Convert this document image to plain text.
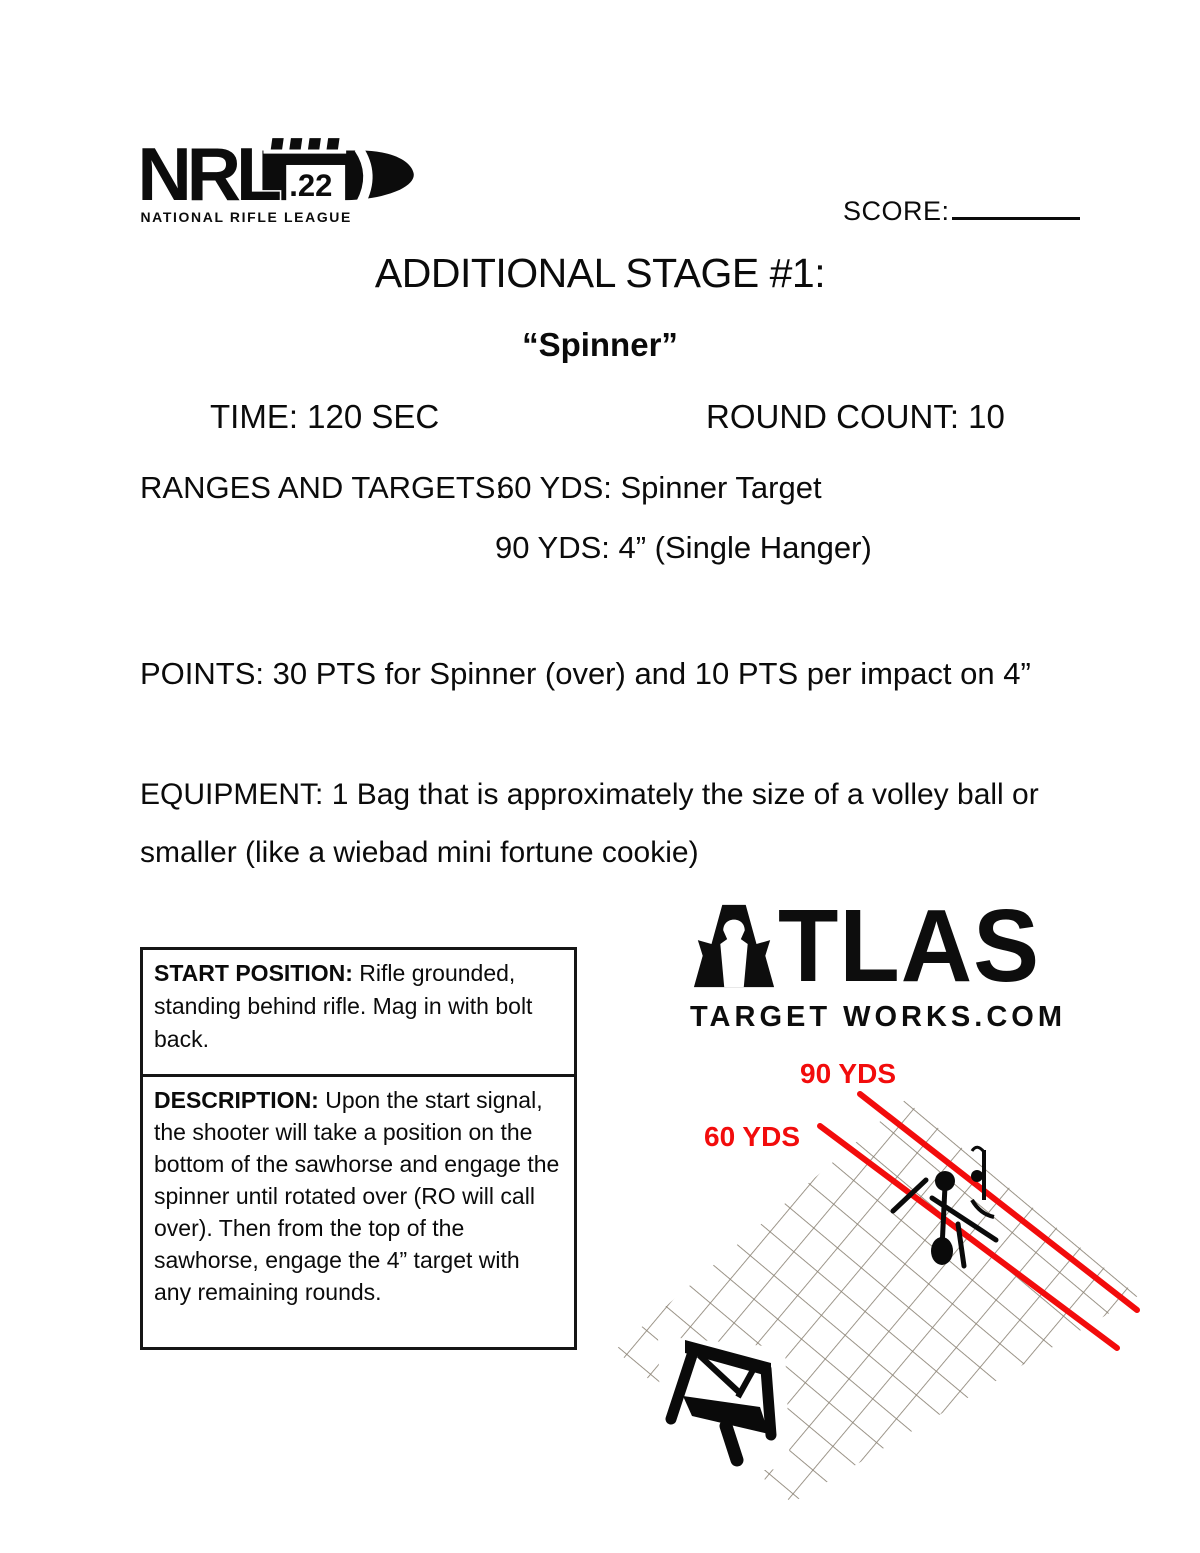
NRL .22
NATIONAL RIFLE LEAGUE	SCORE:
ADDITIONAL STAGE #1:
“Spinner”
TIME: 120 SEC	ROUND COUNT: 10
RANGES AND TARGETS:
60 YDS: Spinner Target
90 YDS: 4” (Single Hanger)
POINTS: 30 PTS for Spinner (over) and 10 PTS per impact on 4”
EQUIPMENT: 1 Bag that is approximately the size of a volley ball or smaller (like a wiebad mini fortune cookie)
START POSITION: Rifle grounded, standing behind rifle. Mag in with bolt back.
DESCRIPTION: Upon the start signal, the shooter will take a position on the bottom of the sawhorse and engage the spinner until rotated over (RO will call over). Then from the top of the sawhorse, engage the 4” target with any remaining rounds.
TLAS
TARGET WORKS.COM
90 YDS
60 YDS
